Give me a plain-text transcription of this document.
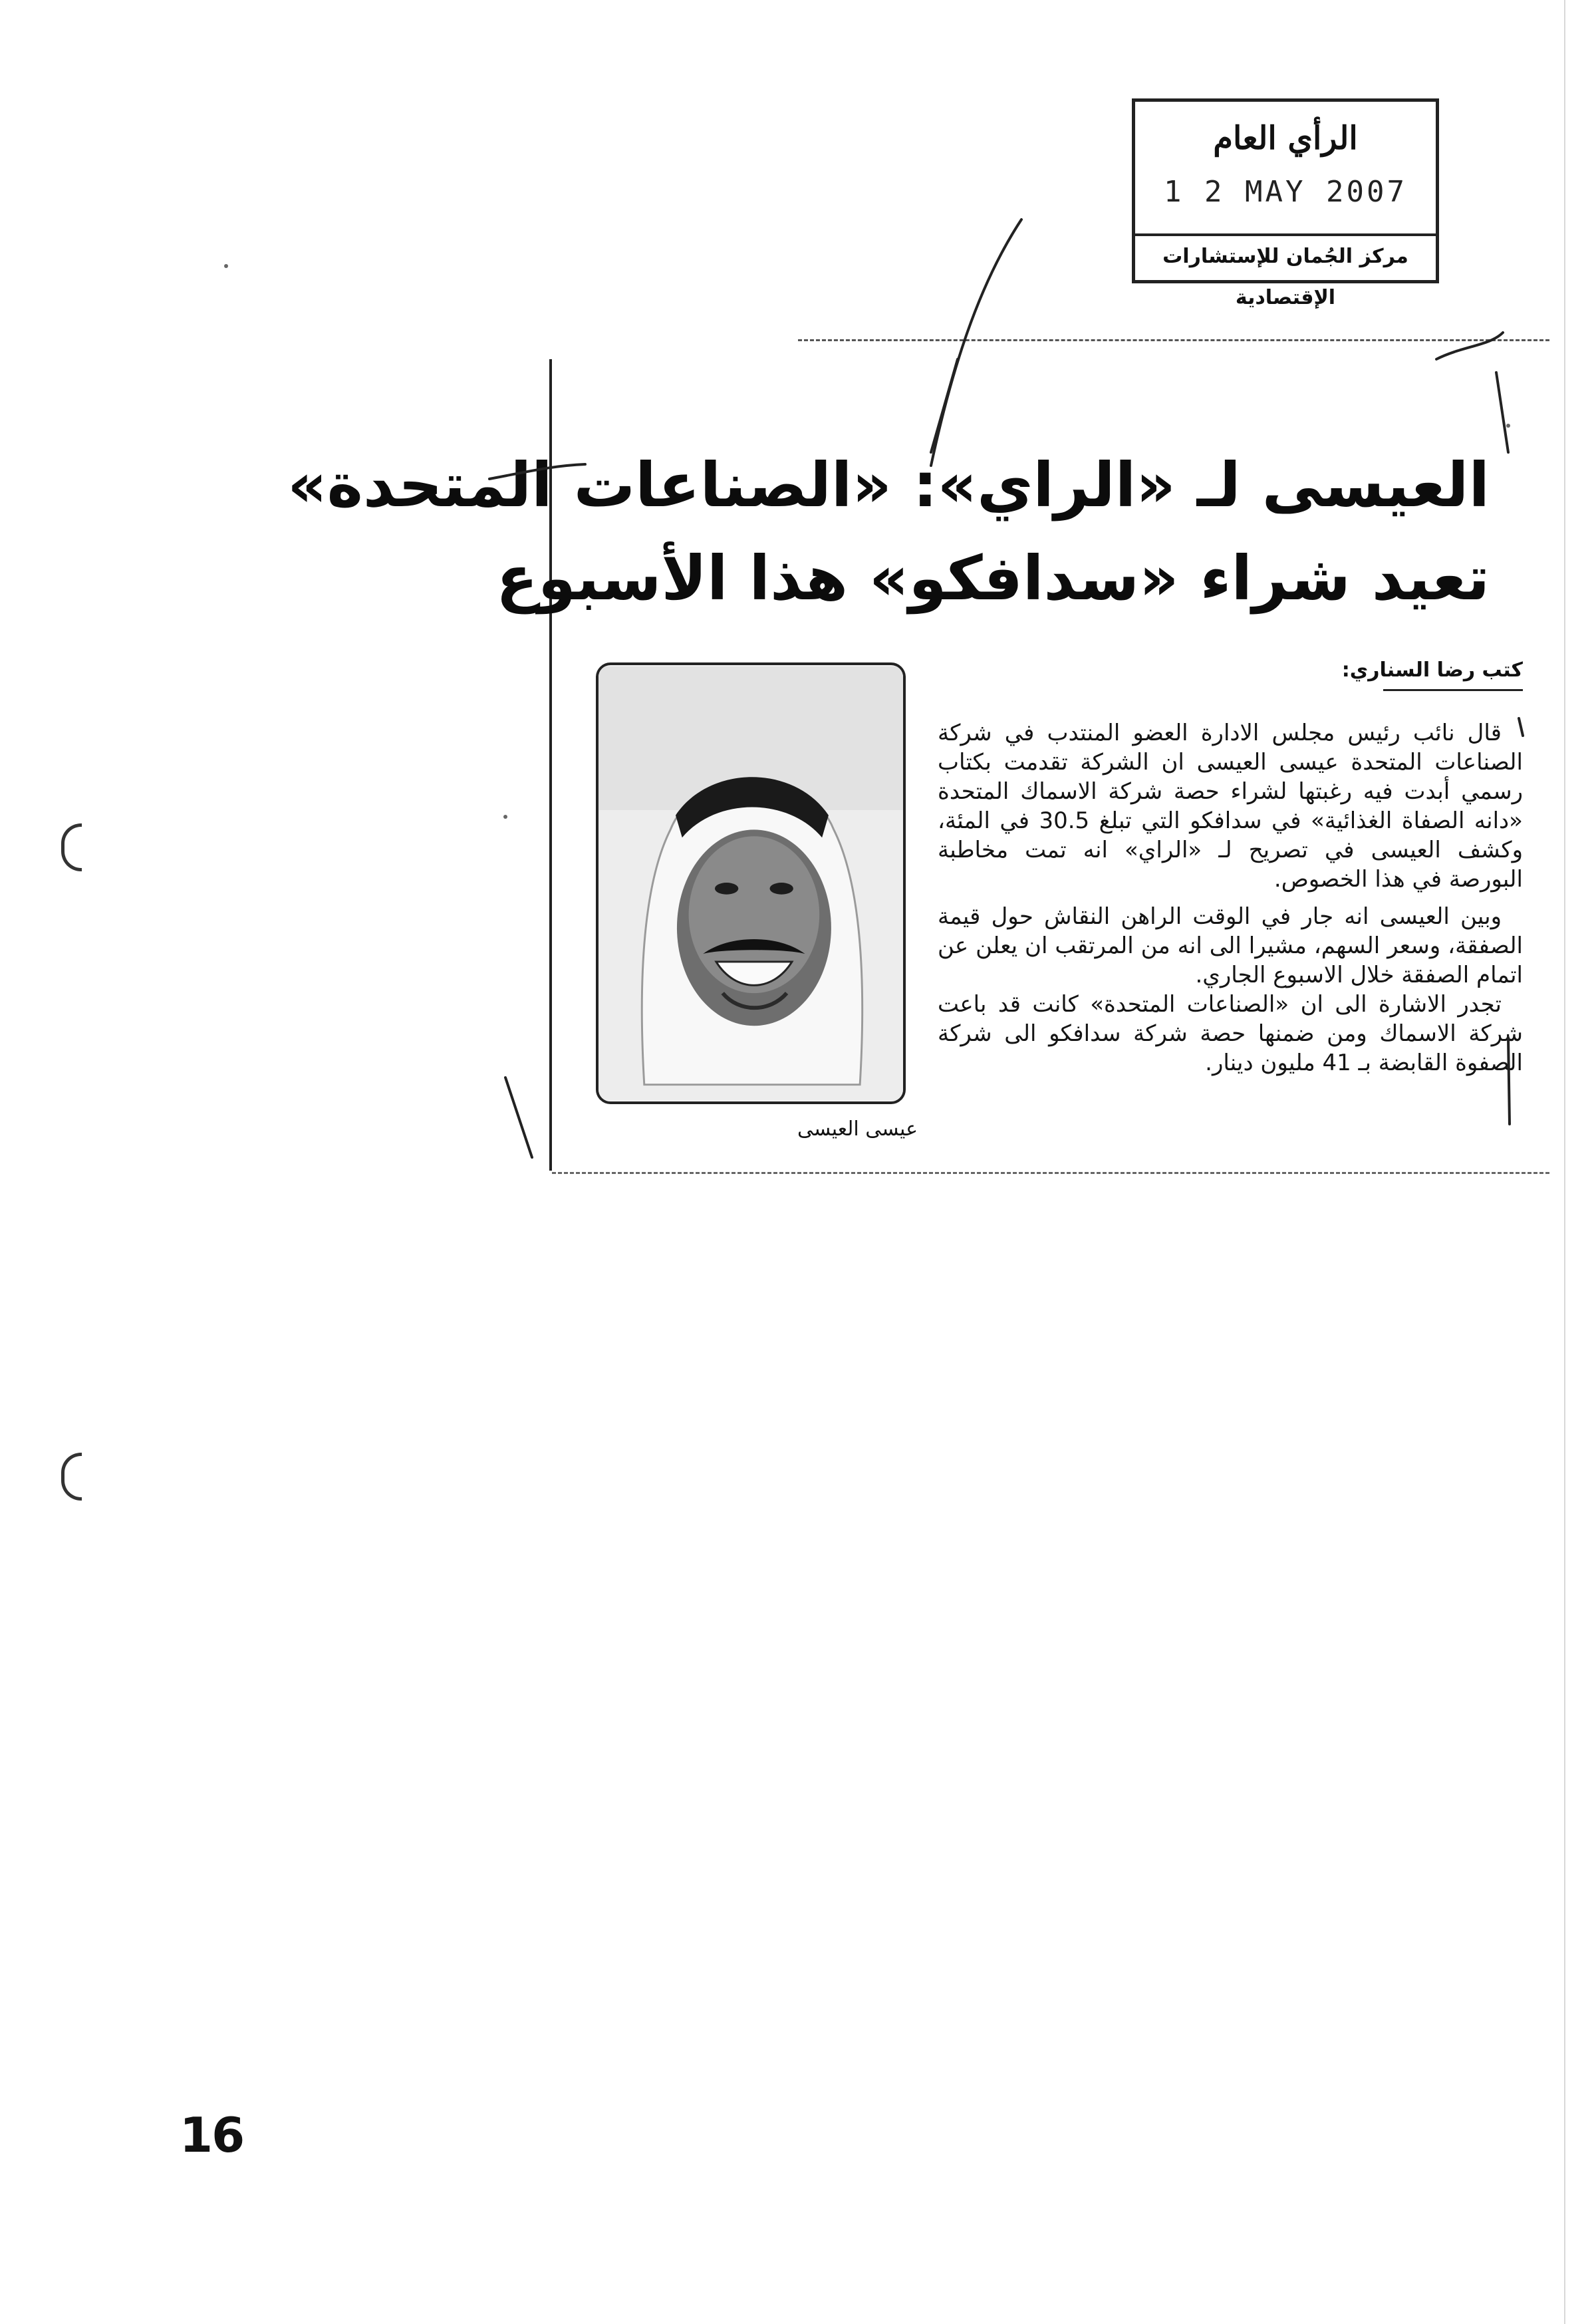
الرأي العام
1 2 MAY 2007
مركز الجُمان للإستشارات الإقتصادية
العيسى لـ «الراي»: «الصناعات المتحدة»
تعيد شراء «سدافكو» هذا الأسبوع
كتب رضا السناري:
عيسى العيسى

قال نائب رئيس مجلس الادارة العضو المنتدب في شركة الصناعات المتحدة عيسى العيسى ان الشركة تقدمت بكتاب رسمي أبدت فيه رغبتها لشراء حصة شركة الاسماك المتحدة «دانه الصفاة الغذائية» في سدافكو التي تبلغ 30.5 في المئة، وكشف العيسى في تصريح لـ «الراي» انه تمت مخاطبة البورصة في هذا الخصوص.

وبين العيسى انه جار في الوقت الراهن النقاش حول قيمة الصفقة، وسعر السهم، مشيرا الى انه من المرتقب ان يعلن عن اتمام الصفقة خلال الاسبوع الجاري.

تجدر الاشارة الى ان «الصناعات المتحدة» كانت قد باعت شركة الاسماك ومن ضمنها حصة شركة سدافكو الى شركة الصفوة القابضة بـ 41 مليون دينار.

16
